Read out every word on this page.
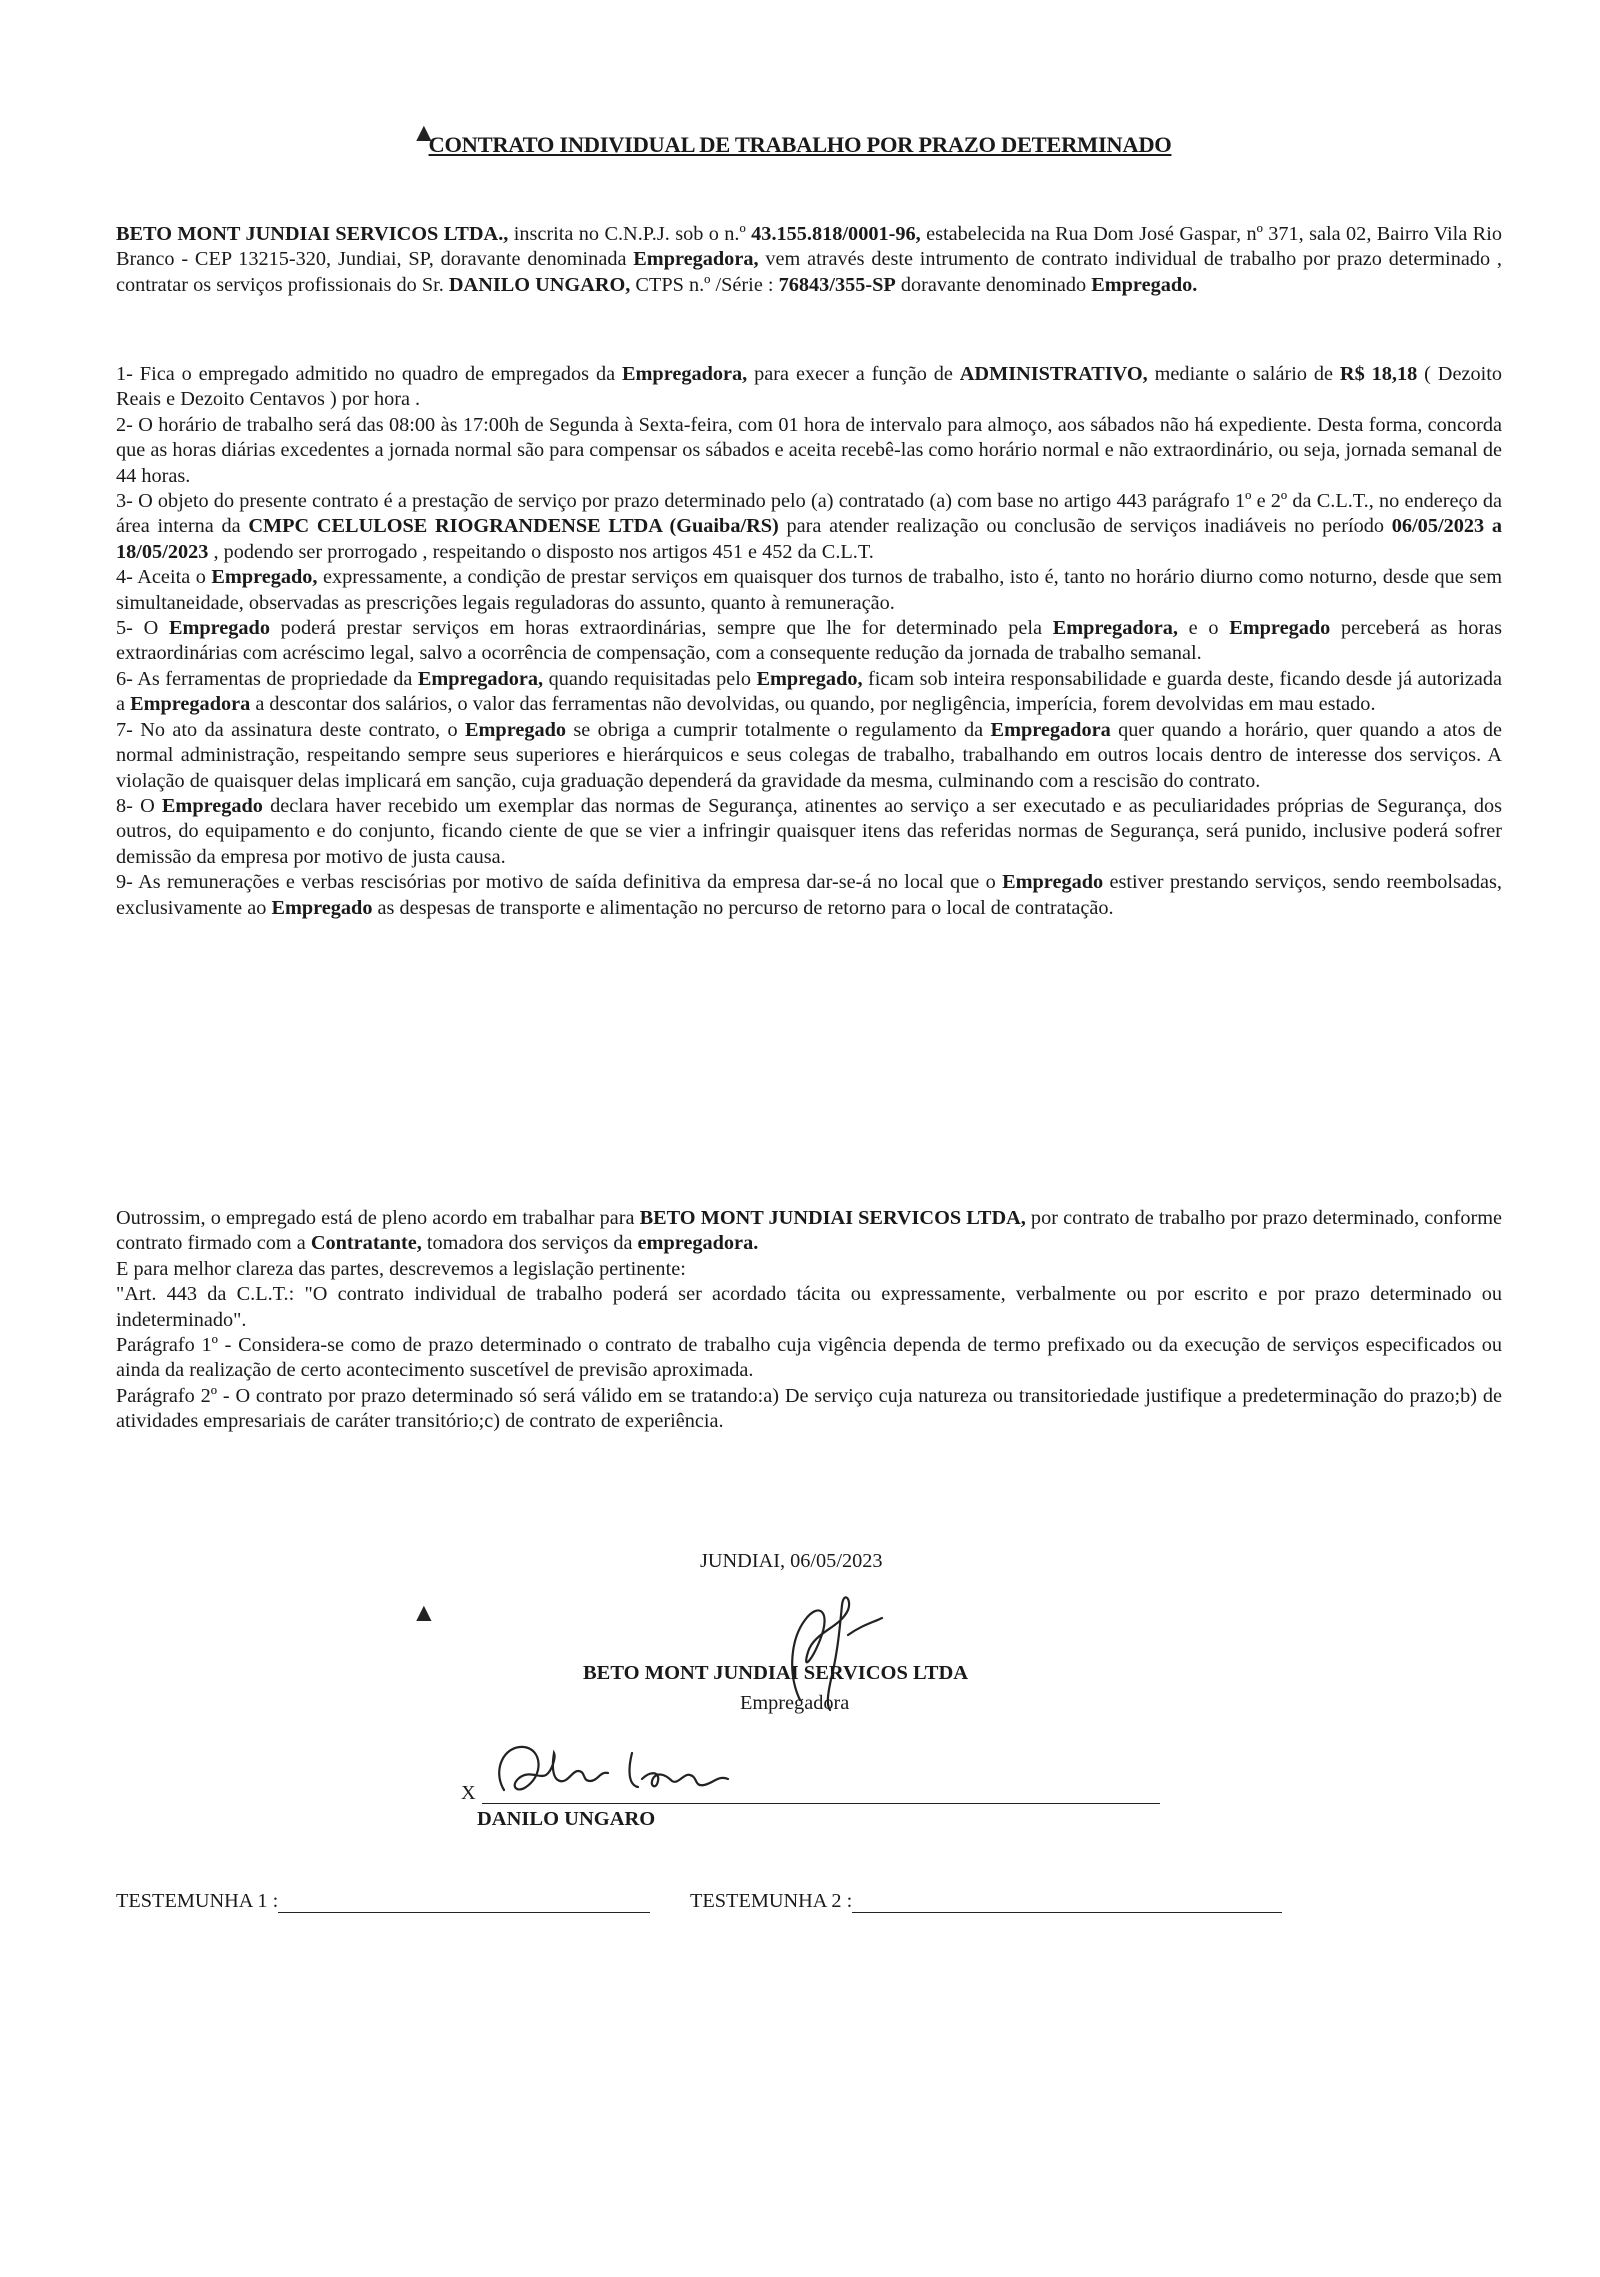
▲
▲
CONTRATO INDIVIDUAL DE TRABALHO POR PRAZO DETERMINADO

BETO MONT JUNDIAI SERVICOS LTDA., inscrita no C.N.P.J. sob o n.º 43.155.818/0001-96, estabelecida na Rua Dom José Gaspar, nº 371, sala 02, Bairro Vila Rio Branco - CEP 13215-320, Jundiai, SP, doravante denominada Empregadora, vem através deste intrumento de contrato individual de trabalho por prazo determinado , contratar os serviços profissionais do Sr. DANILO UNGARO, CTPS n.º /Série : 76843/355-SP doravante denominado Empregado.

1- Fica o empregado admitido no quadro de empregados da Empregadora, para execer a função de ADMINISTRATIVO, mediante o salário de R$ 18,18 ( Dezoito Reais e Dezoito Centavos ) por hora .

2- O horário de trabalho será das 08:00 às 17:00h de Segunda à Sexta-feira, com 01 hora de intervalo para almoço, aos sábados não há expediente. Desta forma, concorda que as horas diárias excedentes a jornada normal são para compensar os sábados e aceita recebê-las como horário normal e não extraordinário, ou seja, jornada semanal de 44 horas.

3- O objeto do presente contrato é a prestação de serviço por prazo determinado pelo (a) contratado (a) com base no artigo 443 parágrafo 1º e 2º da C.L.T., no endereço da área interna da CMPC CELULOSE RIOGRANDENSE LTDA (Guaiba/RS) para atender realização ou conclusão de serviços inadiáveis no período 06/05/2023 a 18/05/2023 , podendo ser prorrogado , respeitando o disposto nos artigos 451 e 452 da C.L.T.

4- Aceita o Empregado, expressamente, a condição de prestar serviços em quaisquer dos turnos de trabalho, isto é, tanto no horário diurno como noturno, desde que sem simultaneidade, observadas as prescrições legais reguladoras do assunto, quanto à remuneração.

5- O Empregado poderá prestar serviços em horas extraordinárias, sempre que lhe for determinado pela Empregadora, e o Empregado perceberá as horas extraordinárias com acréscimo legal, salvo a ocorrência de compensação, com a consequente redução da jornada de trabalho semanal.

6- As ferramentas de propriedade da Empregadora, quando requisitadas pelo Empregado, ficam sob inteira responsabilidade e guarda deste, ficando desde já autorizada a Empregadora a descontar dos salários, o valor das ferramentas não devolvidas, ou quando, por negligência, imperícia, forem devolvidas em mau estado.

7- No ato da assinatura deste contrato, o Empregado se obriga a cumprir totalmente o regulamento da Empregadora quer quando a horário, quer quando a atos de normal administração, respeitando sempre seus superiores e hierárquicos e seus colegas de trabalho, trabalhando em outros locais dentro de interesse dos serviços. A violação de quaisquer delas implicará em sanção, cuja graduação dependerá da gravidade da mesma, culminando com a rescisão do contrato.

8- O Empregado declara haver recebido um exemplar das normas de Segurança, atinentes ao serviço a ser executado e as peculiaridades próprias de Segurança, dos outros, do equipamento e do conjunto, ficando ciente de que se vier a infringir quaisquer itens das referidas normas de Segurança, será punido, inclusive poderá sofrer demissão da empresa por motivo de justa causa.

9- As remunerações e verbas rescisórias por motivo de saída definitiva da empresa dar-se-á no local que o Empregado estiver prestando serviços, sendo reembolsadas, exclusivamente ao Empregado as despesas de transporte e alimentação no percurso de retorno para o local de contratação.

Outrossim, o empregado está de pleno acordo em trabalhar para BETO MONT JUNDIAI SERVICOS LTDA, por contrato de trabalho por prazo determinado, conforme contrato firmado com a Contratante, tomadora dos serviços da empregadora.

E para melhor clareza das partes, descrevemos a legislação pertinente:

"Art. 443 da C.L.T.: "O contrato individual de trabalho poderá ser acordado tácita ou expressamente, verbalmente ou por escrito e por prazo determinado ou indeterminado".

Parágrafo 1º - Considera-se como de prazo determinado o contrato de trabalho cuja vigência dependa de termo prefixado ou da execução de serviços especificados ou ainda da realização de certo acontecimento suscetível de previsão aproximada.

Parágrafo 2º - O contrato por prazo determinado só será válido em se tratando:a) De serviço cuja natureza ou transitoriedade justifique a predeterminação do prazo;b) de atividades empresariais de caráter transitório;c) de contrato de experiência.

JUNDIAI, 06/05/2023
BETO MONT JUNDIAI SERVICOS LTDA
Empregadora
X
DANILO UNGARO
TESTEMUNHA 1 :	TESTEMUNHA 2 :
